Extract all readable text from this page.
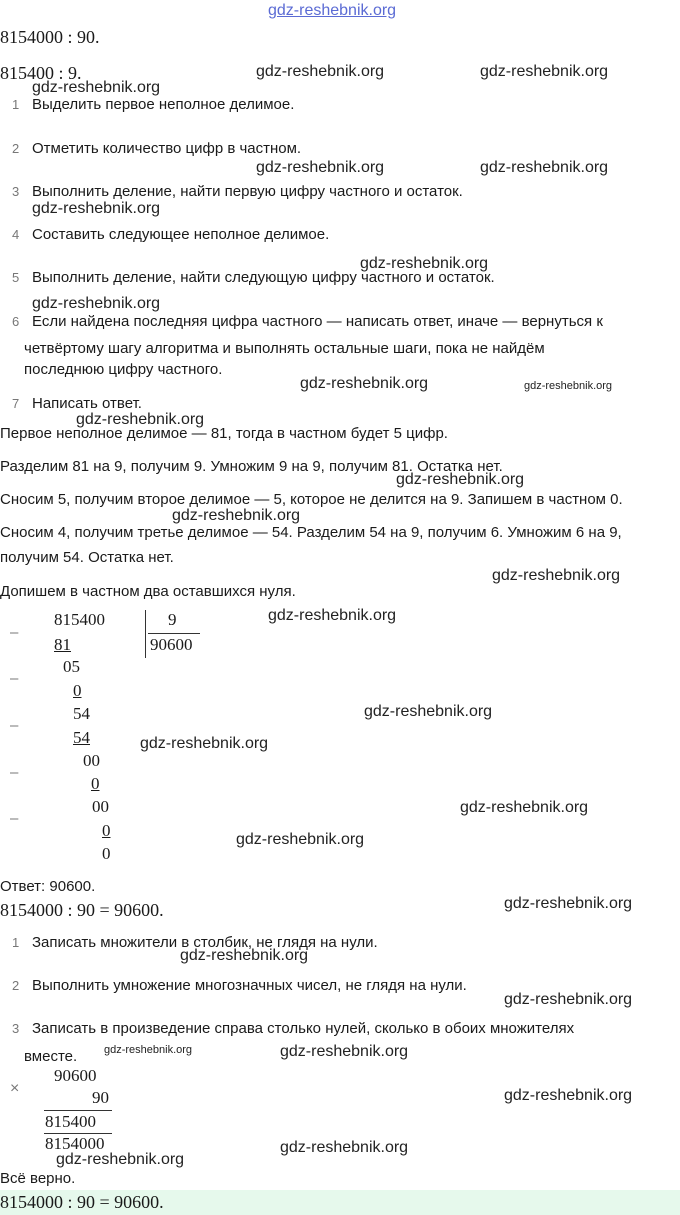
gdz-reshebnik.org
8154000 : 90.
815400 : 9.
1 Выделить первое неполное делимое.
2 Отметить количество цифр в частном.
3 Выполнить деление, найти первую цифру частного и остаток.
4 Составить следующее неполное делимое.
5 Выполнить деление, найти следующую цифру частного и остаток.
6 Если найдена последняя цифра частного — написать ответ, иначе — вернуться к
четвёртому шагу алгоритма и выполнять остальные шаги, пока не найдём
последнюю цифру частного.
7 Написать ответ.
Первое неполное делимое — 81, тогда в частном будет 5 цифр.
Разделим 81 на 9, получим 9. Умножим 9 на 9, получим 81. Остатка нет.
Сносим 5, получим второе делимое — 5, которое не делится на 9. Запишем в частном 0.
Сносим 4, получим третье делимое — 54. Разделим 54 на 9, получим 6. Умножим 6 на 9,
получим 54. Остатка нет.
Допишем в частном два оставшихся нуля.
815400	9
90600
–
81
05
–
0
54
–
54
00
–
0
00
–
0
0
Ответ: 90600.
8154000 : 90 = 90600.
1 Записать множители в столбик, не глядя на нули.
2 Выполнить умножение многозначных чисел, не глядя на нули.
3 Записать в произведение справа столько нулей, сколько в обоих множителях
вместе.
×
90600
90
815400
8154000
Всё верно.
8154000 : 90 = 90600.
gdz-reshebnik.org	gdz-reshebnik.org
gdz-reshebnik.org
gdz-reshebnik.org	gdz-reshebnik.org
gdz-reshebnik.org
gdz-reshebnik.org
gdz-reshebnik.org
gdz-reshebnik.org
gdz-reshebnik.org	gdz-reshebnik.org
gdz-reshebnik.org
gdz-reshebnik.org
gdz-reshebnik.org
gdz-reshebnik.org
gdz-reshebnik.org
gdz-reshebnik.org
gdz-reshebnik.org
gdz-reshebnik.org
gdz-reshebnik.org
gdz-reshebnik.org
gdz-reshebnik.org
gdz-reshebnik.org	gdz-reshebnik.org
gdz-reshebnik.org
gdz-reshebnik.org
gdz-reshebnik.org
